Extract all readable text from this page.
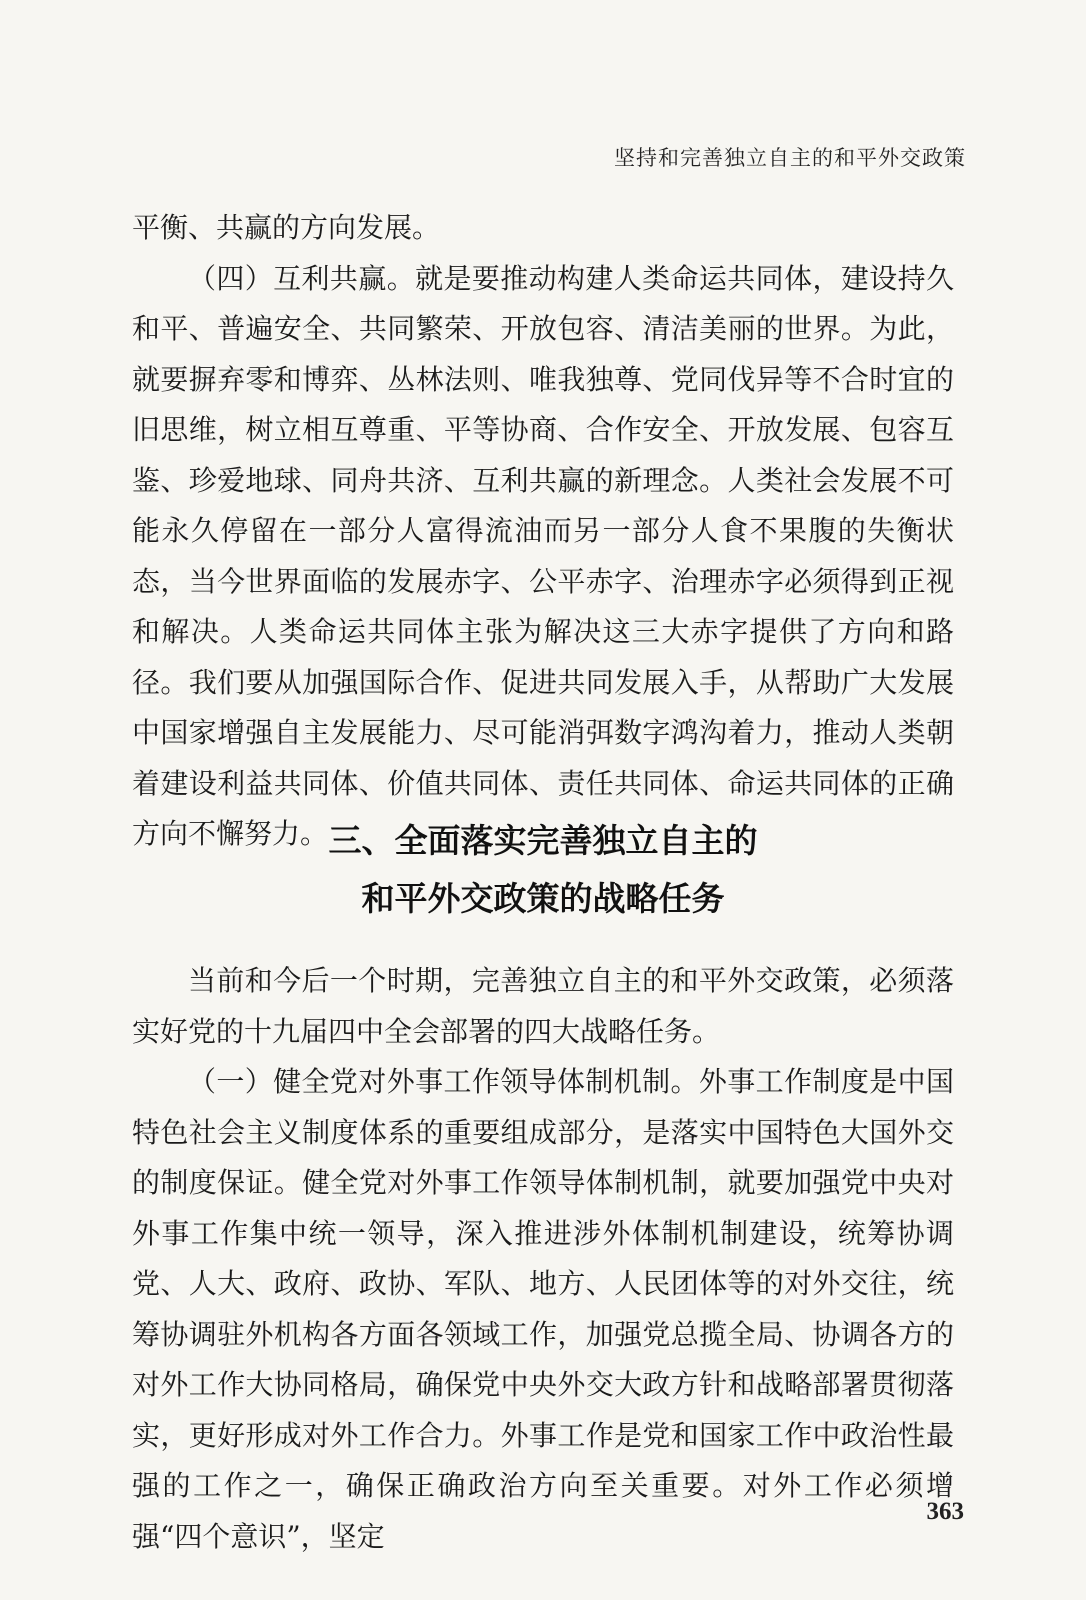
坚持和完善独立自主的和平外交政策

平衡、共赢的方向发展。

（四）互利共赢。就是要推动构建人类命运共同体，建设持久和平、普遍安全、共同繁荣、开放包容、清洁美丽的世界。为此，就要摒弃零和博弈、丛林法则、唯我独尊、党同伐异等不合时宜的旧思维，树立相互尊重、平等协商、合作安全、开放发展、包容互鉴、珍爱地球、同舟共济、互利共赢的新理念。人类社会发展不可能永久停留在一部分人富得流油而另一部分人食不果腹的失衡状态，当今世界面临的发展赤字、公平赤字、治理赤字必须得到正视和解决。人类命运共同体主张为解决这三大赤字提供了方向和路径。我们要从加强国际合作、促进共同发展入手，从帮助广大发展中国家增强自主发展能力、尽可能消弭数字鸿沟着力，推动人类朝着建设利益共同体、价值共同体、责任共同体、命运共同体的正确方向不懈努力。 三、全面落实完善独立自主的
和平外交政策的战略任务

当前和今后一个时期，完善独立自主的和平外交政策，必须落实好党的十九届四中全会部署的四大战略任务。

（一）健全党对外事工作领导体制机制。外事工作制度是中国特色社会主义制度体系的重要组成部分，是落实中国特色大国外交的制度保证。健全党对外事工作领导体制机制，就要加强党中央对外事工作集中统一领导，深入推进涉外体制机制建设，统筹协调党、人大、政府、政协、军队、地方、人民团体等的对外交往，统筹协调驻外机构各方面各领域工作，加强党总揽全局、协调各方的对外工作大协同格局，确保党中央外交大政方针和战略部署贯彻落实，更好形成对外工作合力。外事工作是党和国家工作中政治性最强的工作之一，确保正确政治方向至关重要。对外工作必须增强“四个意识”，坚定

363
